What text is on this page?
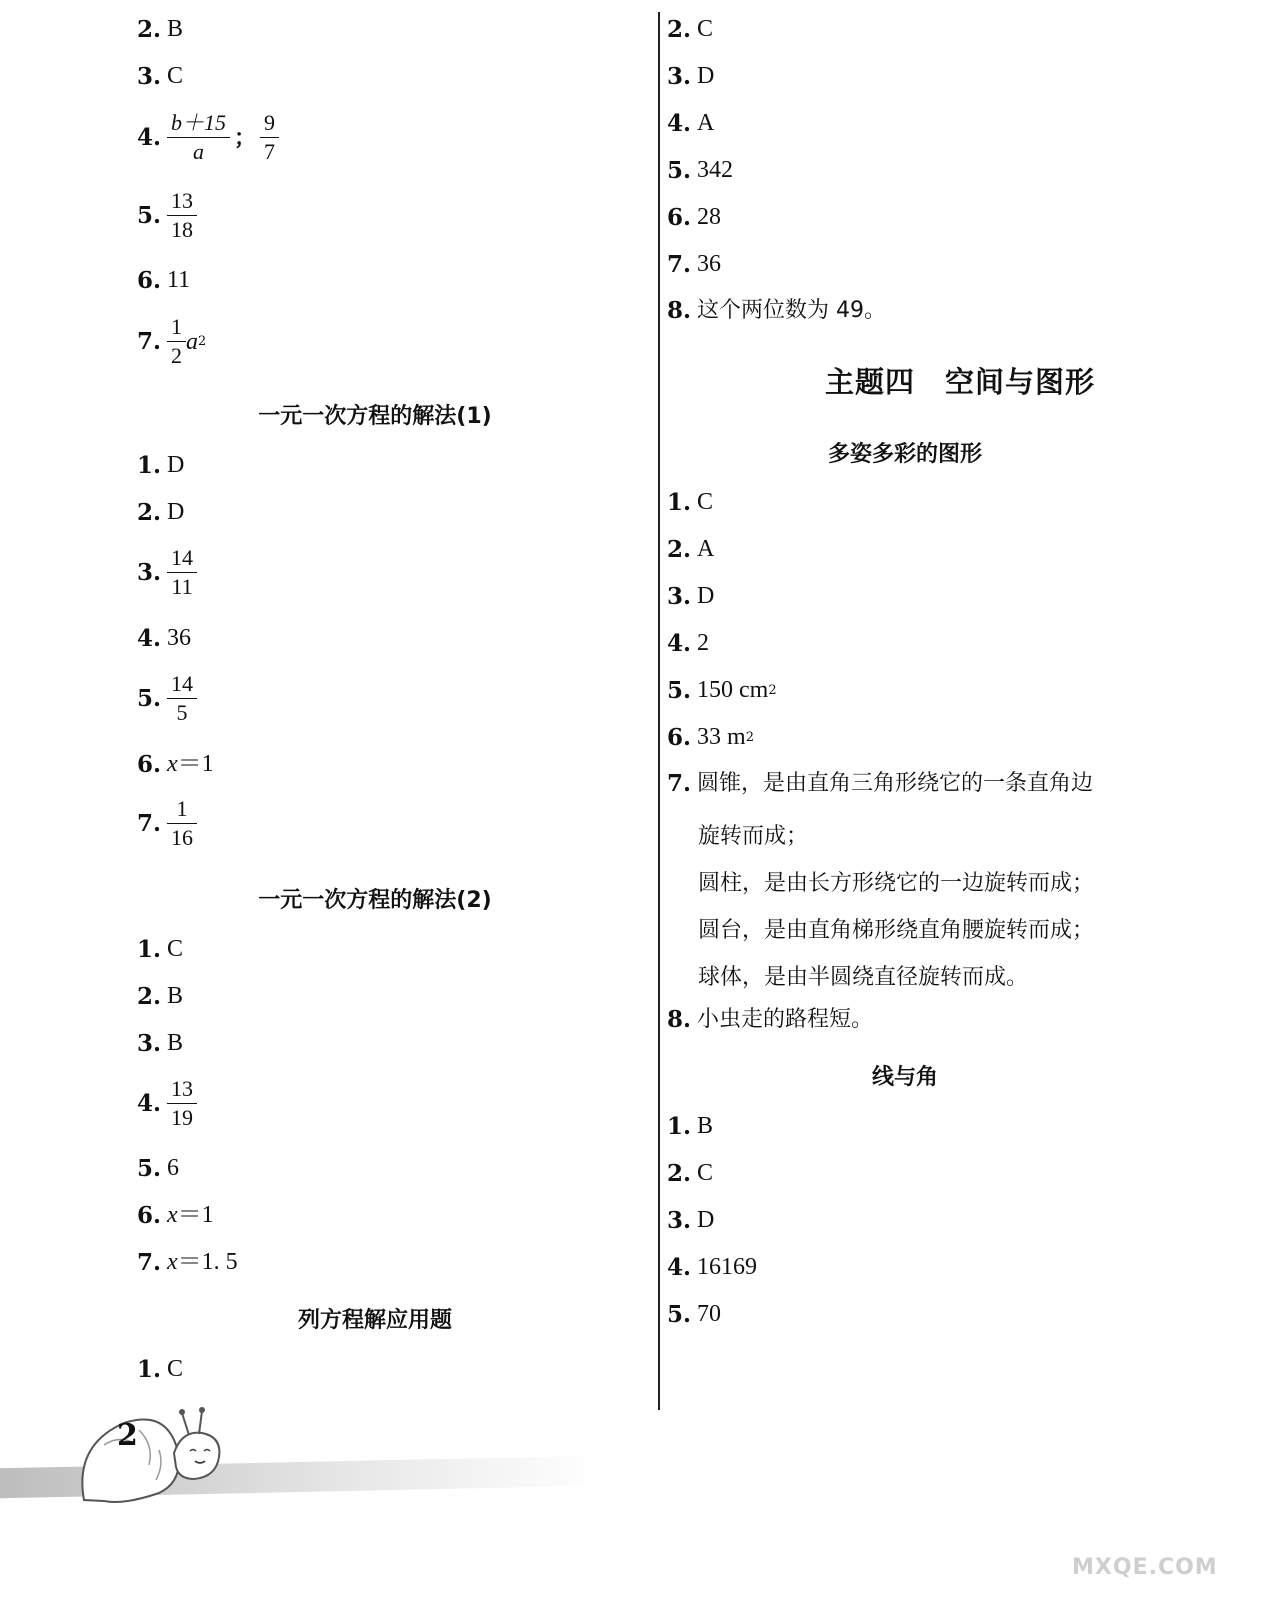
2. B
3. C
4. $\frac{b+15}{a}$ ； $\frac{9}{7}$
5. $\frac{13}{18}$
6. 11
7. $\frac{1}{2}$ a 2
一元一次方程的解法(1)
1. D
2. D
3. $\frac{14}{11}$
4. 36
5. $\frac{14}{5}$
6. x ＝1
7. $\frac{1}{16}$
一元一次方程的解法(2)
1. C
2. B
3. B
4. $\frac{13}{19}$
5. 6
6. x ＝1
7. x ＝1. 5
列方程解应用题
1. C
2. C
3. D
4. A
5. 342
6. 28
7. 36
8. 这个两位数为 49。
主题四　空间与图形
多姿多彩的图形
1. C
2. A
3. D
4. 2
5. 150 cm 2
6. 33 m 2
7. 圆锥，是由直角三角形绕它的一条直角边
旋转而成；
圆柱，是由长方形绕它的一边旋转而成；
圆台，是由直角梯形绕直角腰旋转而成；
球体，是由半圆绕直径旋转而成。
8. 小虫走的路程短。
线与角
1. B
2. C
3. D
4. 16169
5. 70
2
MXQE.COM
